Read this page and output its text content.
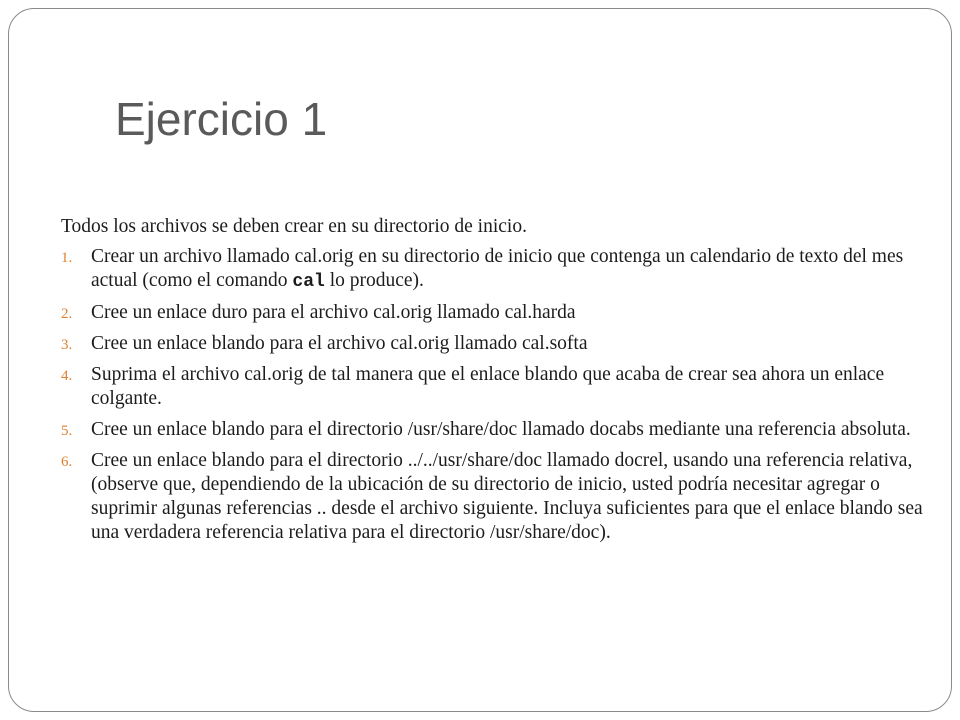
Ejercicio 1

Todos los archivos se deben crear en su directorio de inicio.

1. Crear un archivo llamado cal.orig en su directorio de inicio que contenga un calendario de texto del mes actual (como el comando cal lo produce).
2. Cree un enlace duro para el archivo cal.orig llamado cal.harda
3. Cree un enlace blando para el archivo cal.orig llamado cal.softa
4. Suprima el archivo cal.orig de tal manera que el enlace blando que acaba de crear sea ahora un enlace colgante.
5. Cree un enlace blando para el directorio /usr/share/doc llamado docabs mediante una referencia absoluta.
6. Cree un enlace blando para el directorio ../../usr/share/doc llamado docrel, usando una referencia relativa, (observe que, dependiendo de la ubicación de su directorio de inicio, usted podría necesitar agregar o suprimir algunas referencias .. desde el archivo siguiente. Incluya suficientes para que el enlace blando sea una verdadera referencia relativa para el directorio /usr/share/doc).
